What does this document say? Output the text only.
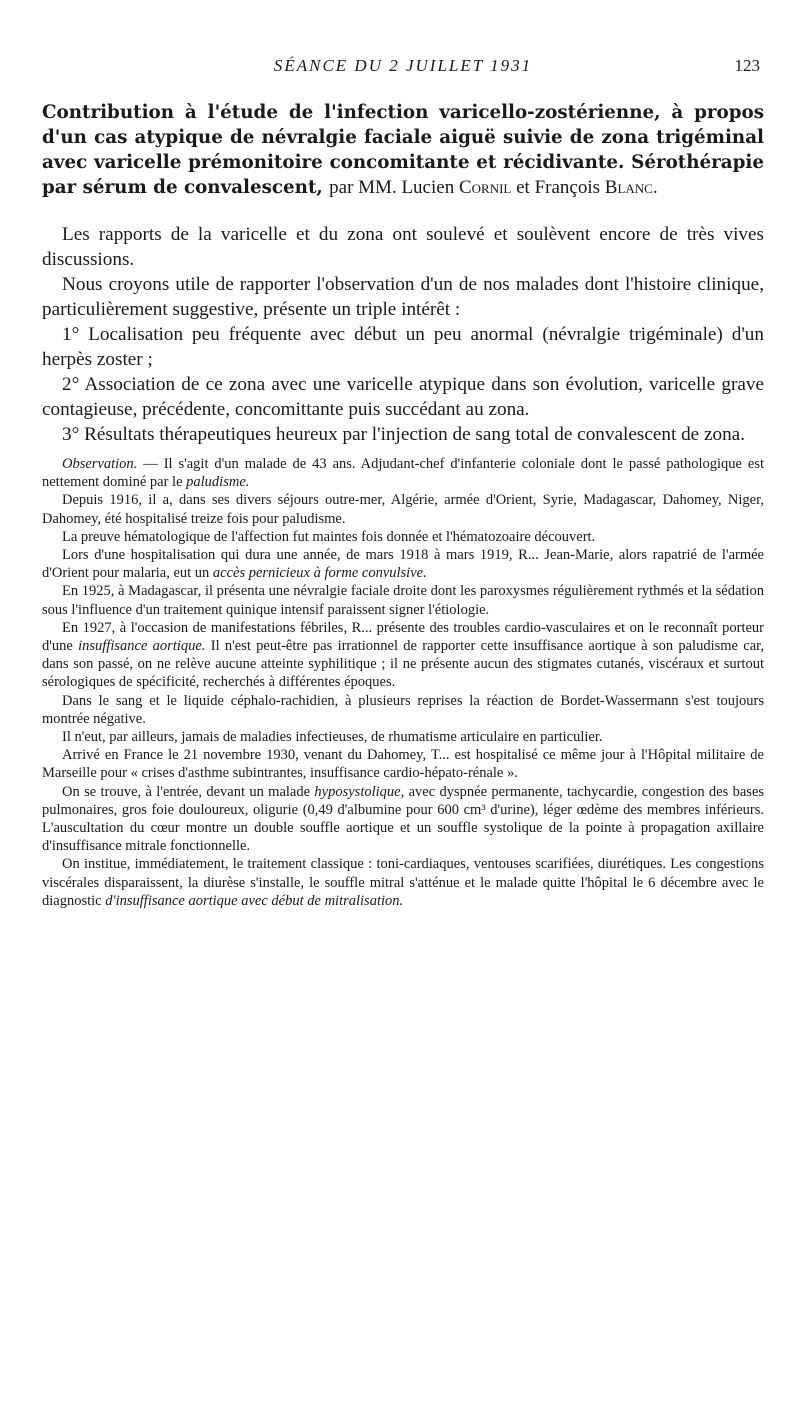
SÉANCE DU 2 JUILLET 1931	123
Contribution à l'étude de l'infection varicello-zostérienne, à propos d'un cas atypique de névralgie faciale aiguë suivie de zona trigéminal avec varicelle prémonitoire concomitante et récidivante. Sérothérapie par sérum de convalescent, par MM. Lucien Cornil et François Blanc.

Les rapports de la varicelle et du zona ont soulevé et soulèvent encore de très vives discussions.

Nous croyons utile de rapporter l'observation d'un de nos malades dont l'histoire clinique, particulièrement suggestive, présente un triple intérêt :

1° Localisation peu fréquente avec début un peu anormal (névralgie trigéminale) d'un herpès zoster ;

2° Association de ce zona avec une varicelle atypique dans son évolution, varicelle grave contagieuse, précédente, concomittante puis succédant au zona.

3° Résultats thérapeutiques heureux par l'injection de sang total de convalescent de zona.

Observation. — Il s'agit d'un malade de 43 ans. Adjudant-chef d'infanterie coloniale dont le passé pathologique est nettement dominé par le paludisme.

Depuis 1916, il a, dans ses divers séjours outre-mer, Algérie, armée d'Orient, Syrie, Madagascar, Dahomey, Niger, Dahomey, été hospitalisé treize fois pour paludisme.

La preuve hématologique de l'affection fut maintes fois donnée et l'hématozoaire découvert.

Lors d'une hospitalisation qui dura une année, de mars 1918 à mars 1919, R... Jean-Marie, alors rapatrié de l'armée d'Orient pour malaria, eut un accès pernicieux à forme convulsive.

En 1925, à Madagascar, il présenta une névralgie faciale droite dont les paroxysmes régulièrement rythmés et la sédation sous l'influence d'un traitement quinique intensif paraissent signer l'étiologie.

En 1927, à l'occasion de manifestations fébriles, R... présente des troubles cardio-vasculaires et on le reconnaît porteur d'une insuffisance aortique. Il n'est peut-être pas irrationnel de rapporter cette insuffisance aortique à son paludisme car, dans son passé, on ne relève aucune atteinte syphilitique ; il ne présente aucun des stigmates cutanés, viscéraux et surtout sérologiques de spécificité, recherchés à différentes époques.

Dans le sang et le liquide céphalo-rachidien, à plusieurs reprises la réaction de Bordet-Wassermann s'est toujours montrée négative.

Il n'eut, par ailleurs, jamais de maladies infectieuses, de rhumatisme articulaire en particulier.

Arrivé en France le 21 novembre 1930, venant du Dahomey, T... est hospitalisé ce même jour à l'Hôpital militaire de Marseille pour « crises d'asthme subintrantes, insuffisance cardio-hépato-rénale ».

On se trouve, à l'entrée, devant un malade hyposystolique, avec dyspnée permanente, tachycardie, congestion des bases pulmonaires, gros foie douloureux, oligurie (0,49 d'albumine pour 600 cm³ d'urine), léger œdème des membres inférieurs. L'auscultation du cœur montre un double souffle aortique et un souffle systolique de la pointe à propagation axillaire d'insuffisance mitrale fonctionnelle.

On institue, immédiatement, le traitement classique : toni-cardiaques, ventouses scarifiées, diurétiques. Les congestions viscérales disparaissent, la diurèse s'installe, le souffle mitral s'atténue et le malade quitte l'hôpital le 6 décembre avec le diagnostic d'insuffisance aortique avec début de mitralisation.
